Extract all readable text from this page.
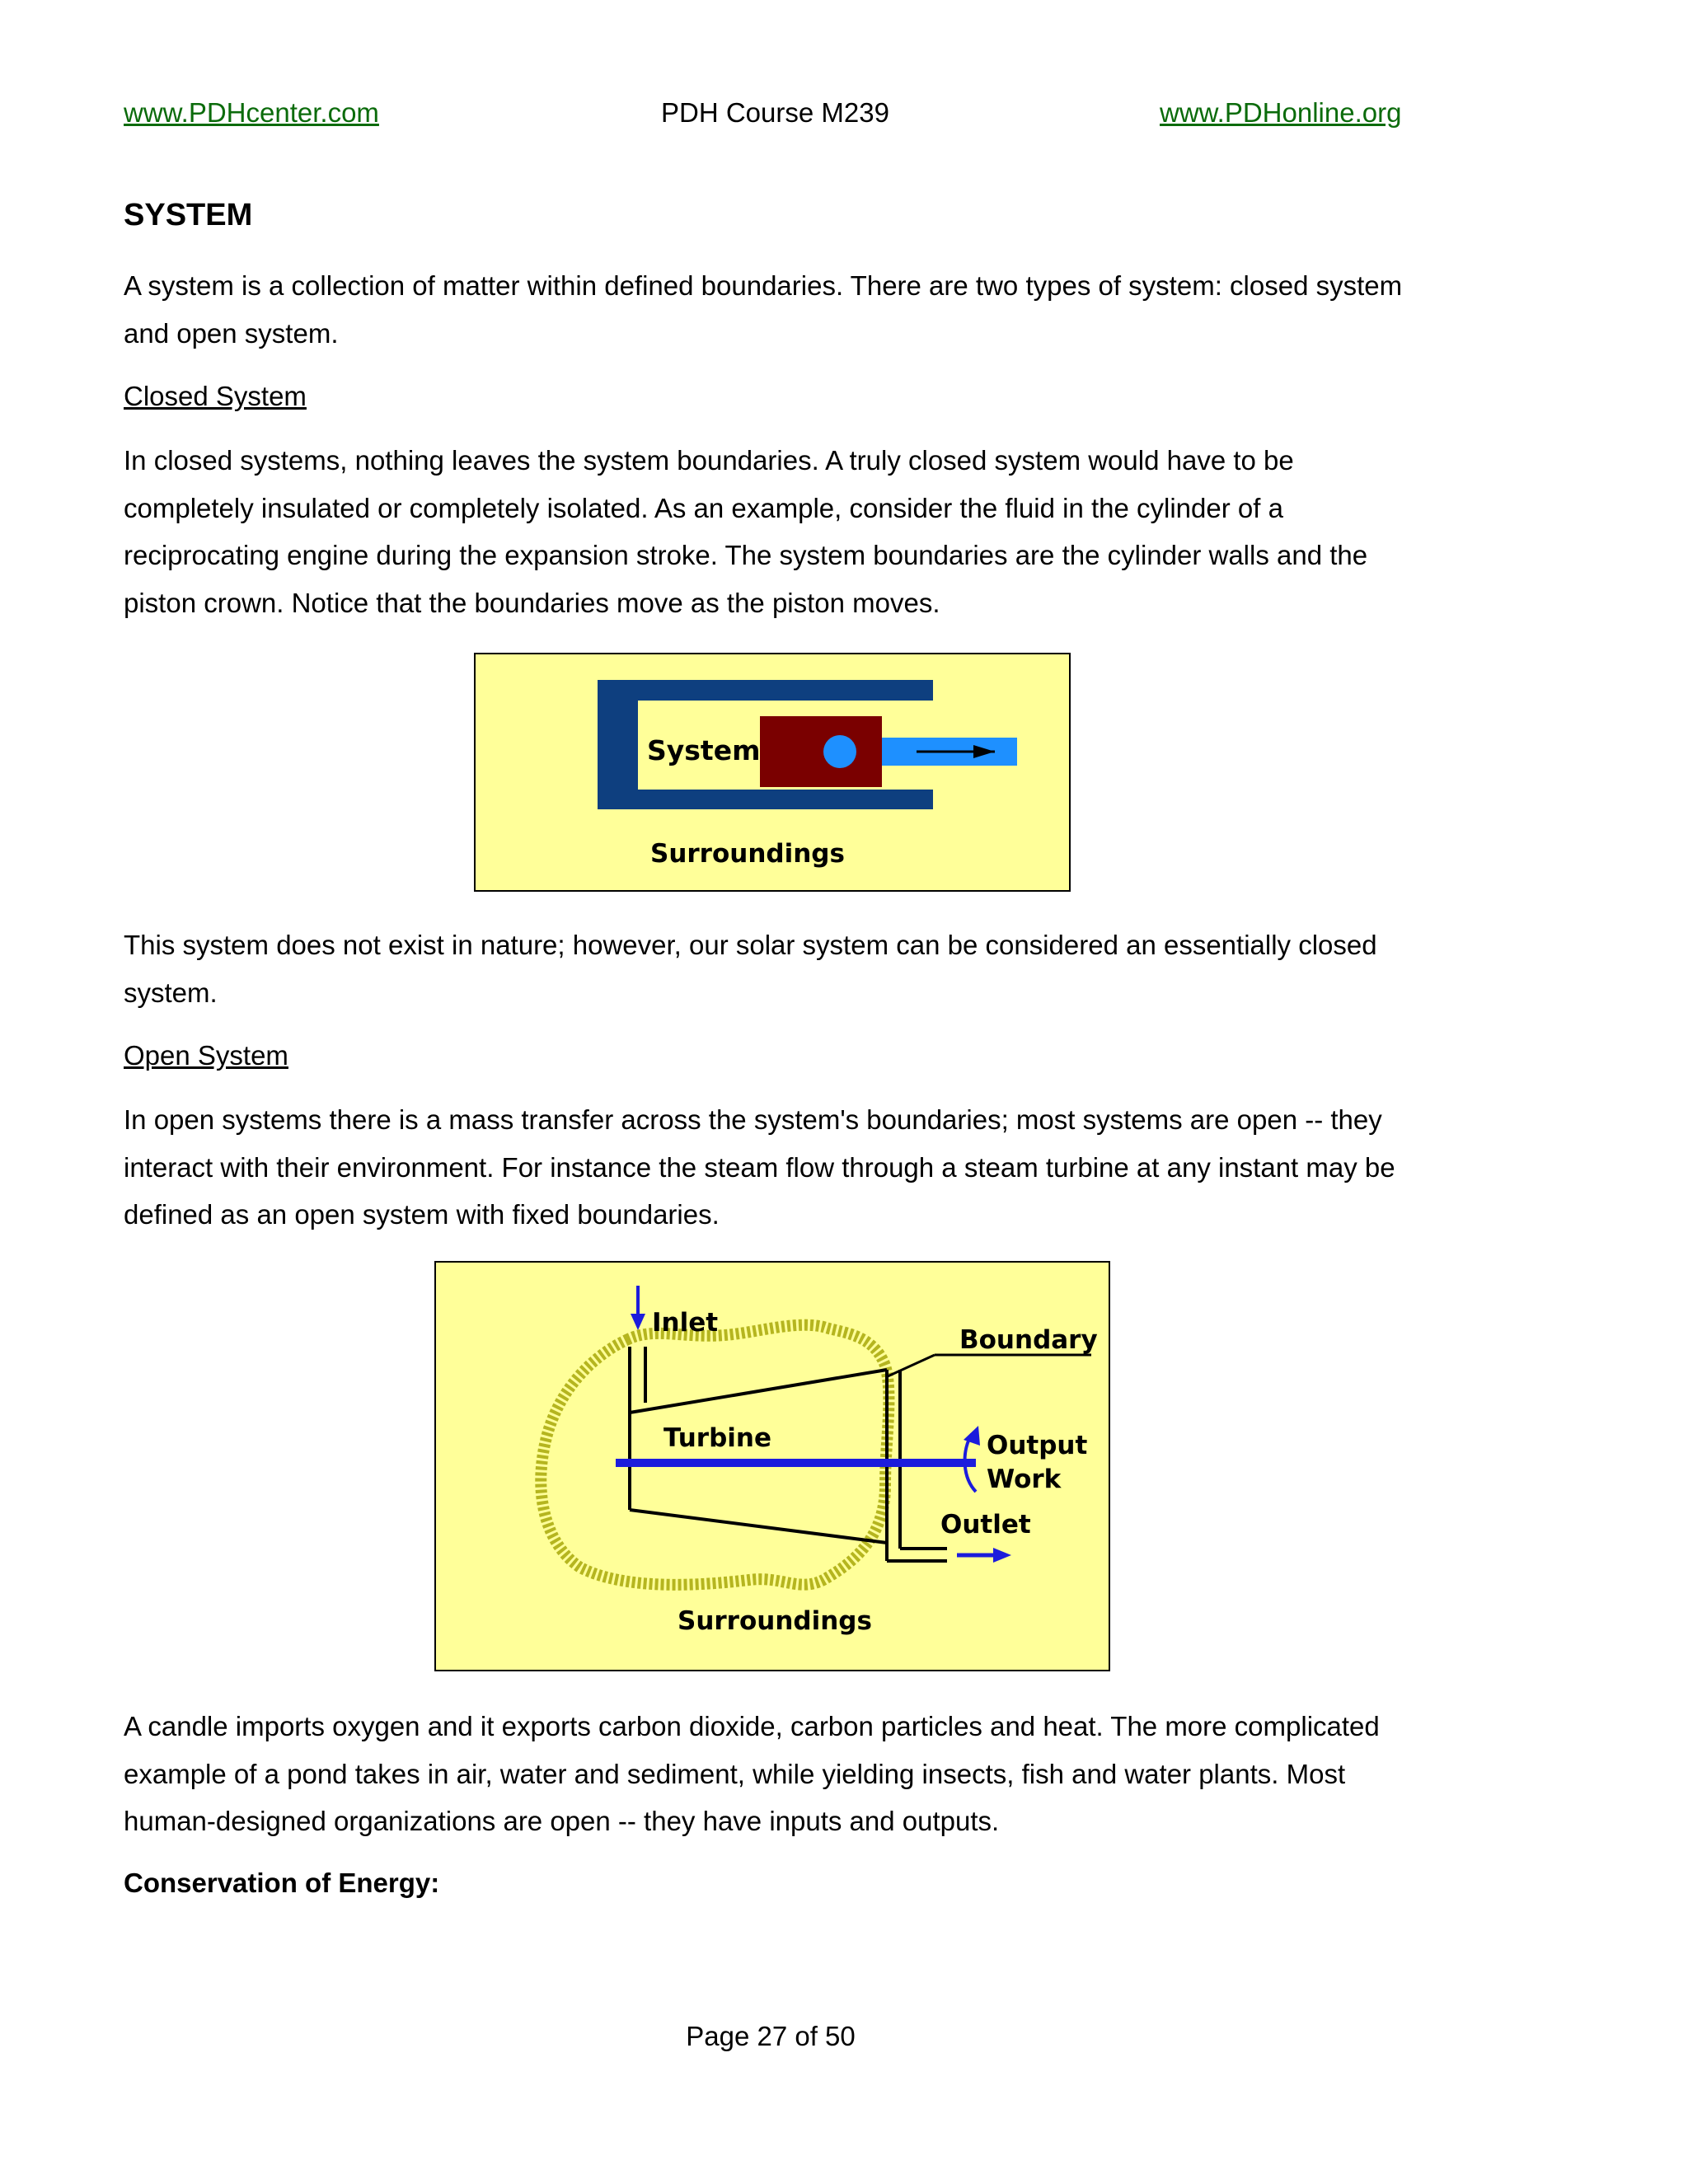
www.PDHcenter.com	PDH Course M239	www.PDHonline.org
SYSTEM

A system is a collection of matter within defined boundaries. There are two types of system: closed system and open system.

Closed System

In closed systems, nothing leaves the system boundaries. A truly closed system would have to be completely insulated or completely isolated. As an example, consider the fluid in the cylinder of a reciprocating engine during the expansion stroke. The system boundaries are the cylinder walls and the piston crown. Notice that the boundaries move as the piston moves.

System
Surroundings

This system does not exist in nature; however, our solar system can be considered an essentially closed system.

Open System

In open systems there is a mass transfer across the system's boundaries; most systems are open -- they interact with their environment. For instance the steam flow through a steam turbine at any instant may be defined as an open system with fixed boundaries.

Inlet
Boundary
Turbine	Output
Work
Outlet
Surroundings

A candle imports oxygen and it exports carbon dioxide, carbon particles and heat. The more complicated example of a pond takes in air, water and sediment, while yielding insects, fish and water plants. Most human-designed organizations are open -- they have inputs and outputs.

Conservation of Energy:

Page 27 of 50
